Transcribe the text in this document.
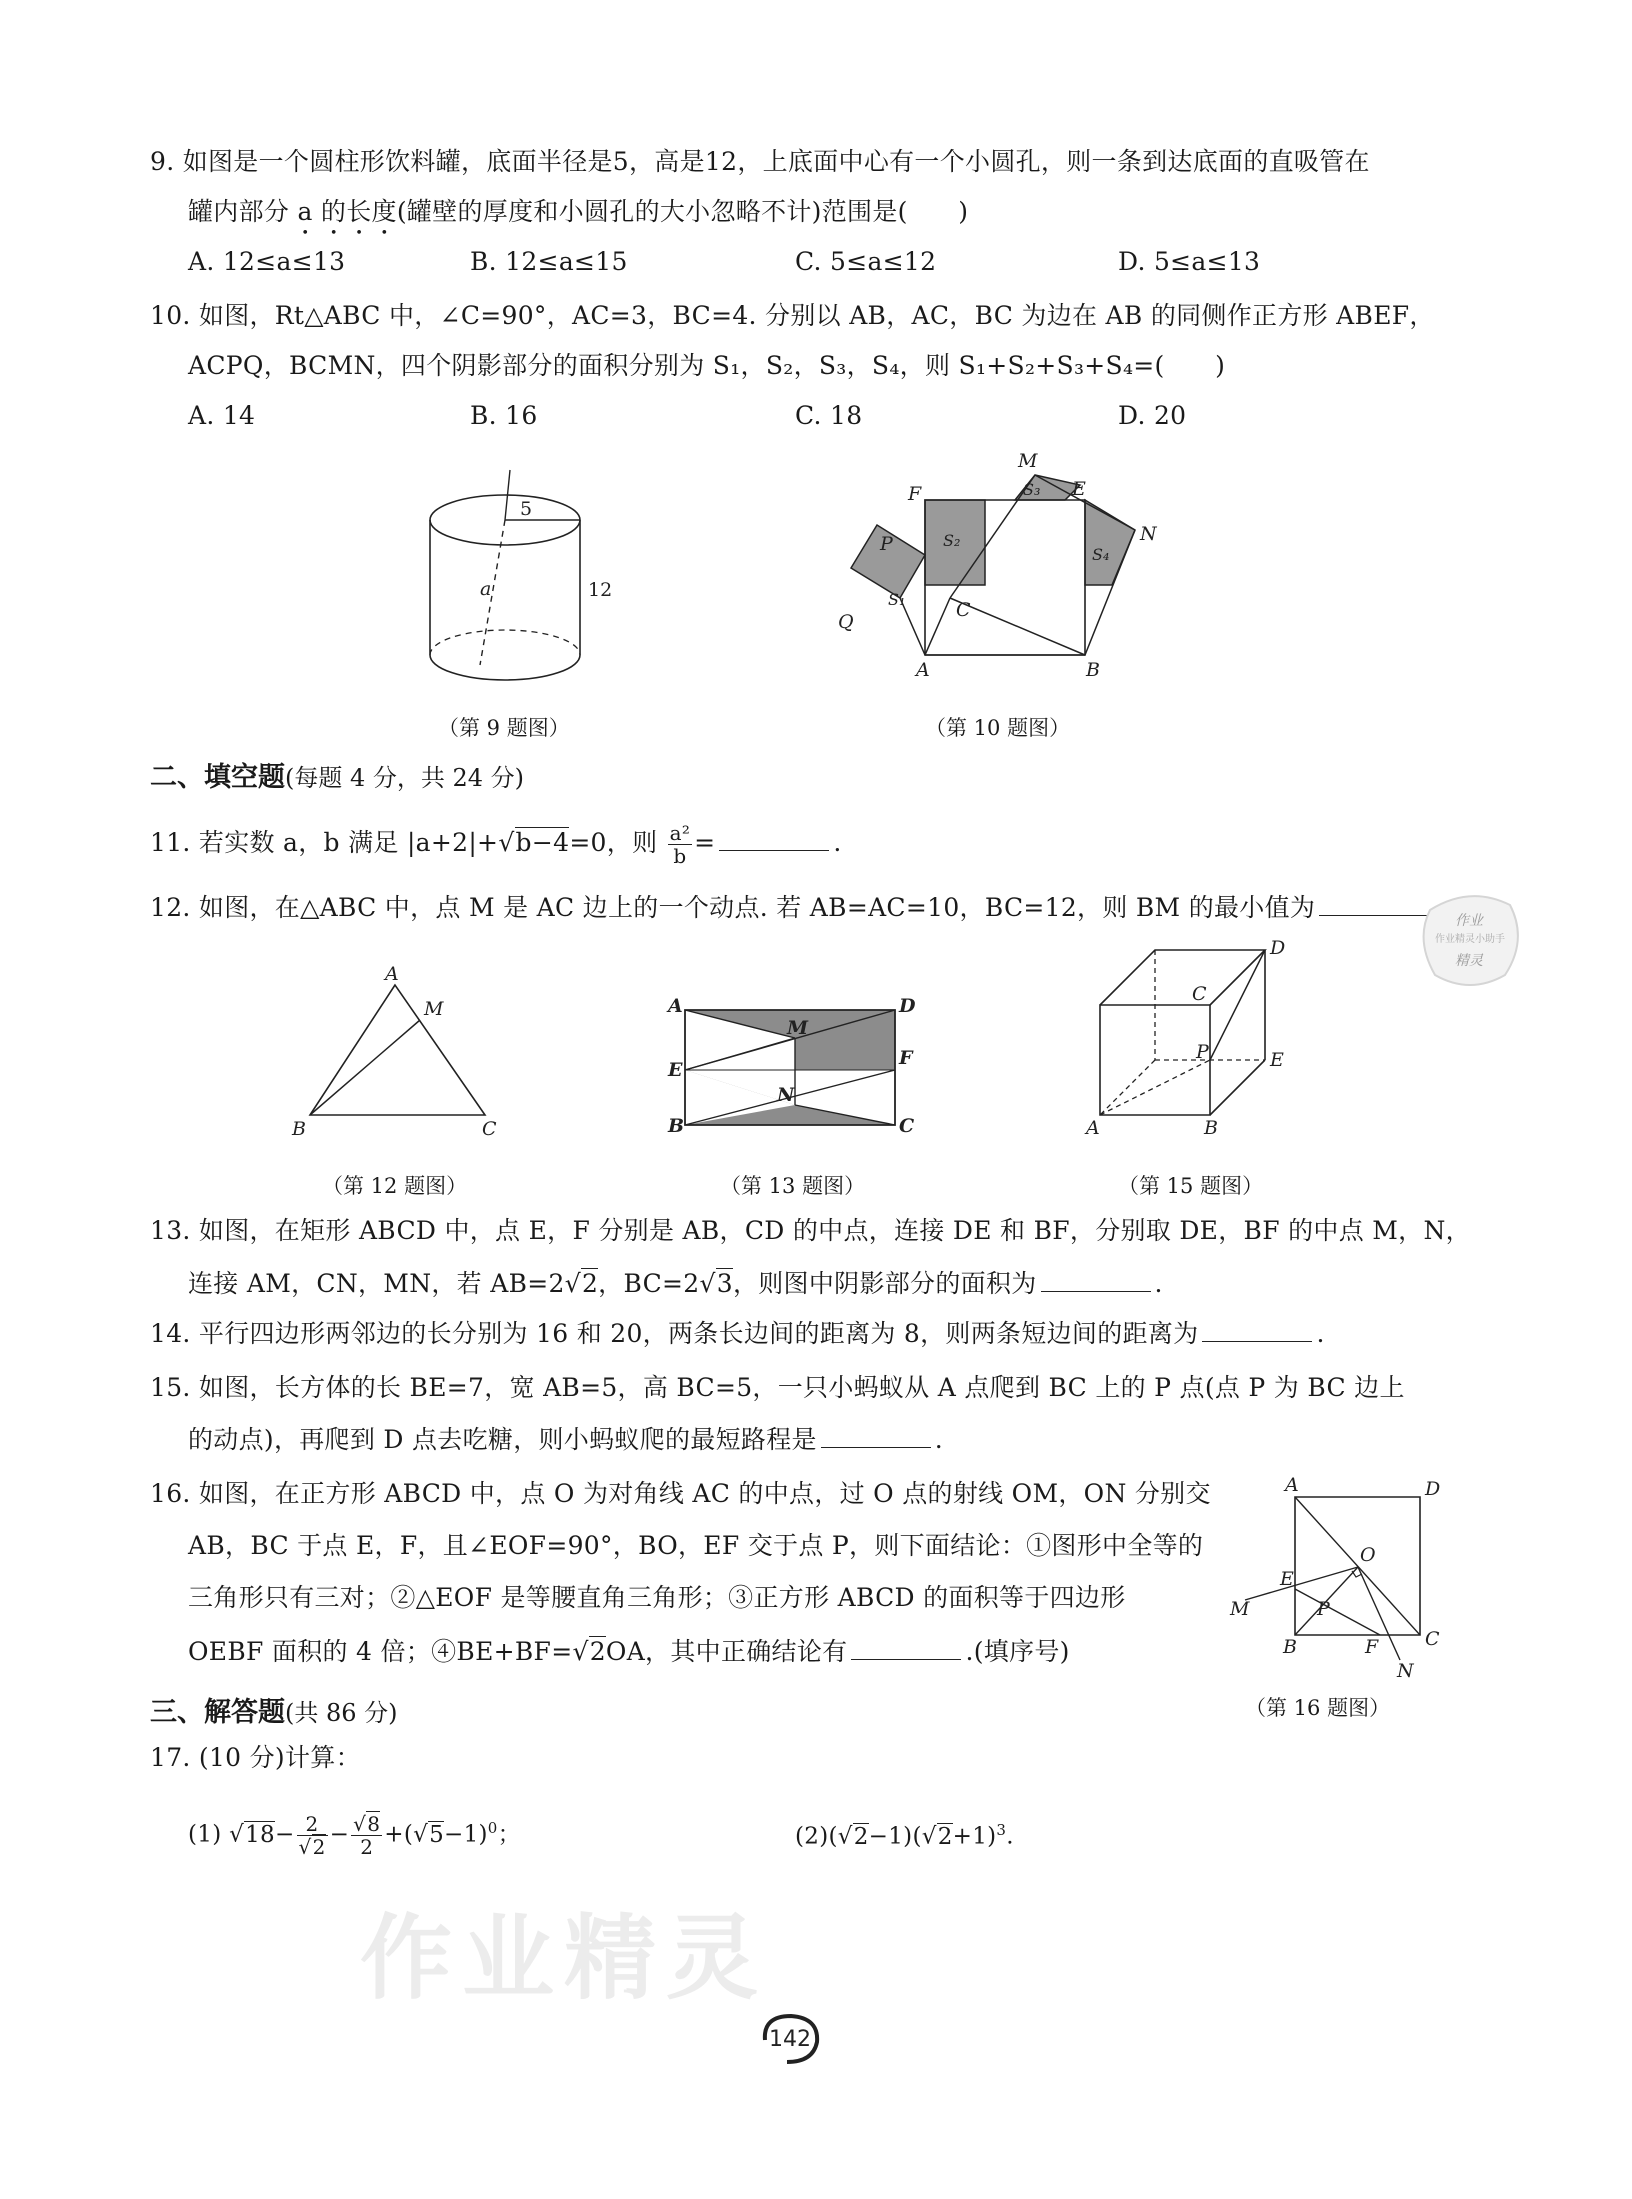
9. 如图是一个圆柱形饮料罐，底面半径是5，高是12，上底面中心有一个小圆孔，则一条到达底面的直吸管在
罐内部分 a 的长度(罐壁的厚度和小圆孔的大小忽略不计)范围是(　　)
A. 12≤a≤13	B. 12≤a≤15	C. 5≤a≤12	D. 5≤a≤13
10. 如图，Rt△ABC 中，∠C=90°，AC=3，BC=4. 分别以 AB，AC，BC 为边在 AB 的同侧作正方形 ABEF，
ACPQ，BCMN，四个阴影部分的面积分别为 S₁，S₂，S₃，S₄，则 S₁+S₂+S₃+S₄=(　　)
A. 14	B. 16	C. 18	D. 20
5
12
a
（第 9 题图）
M
S₃ E
F
S₂	N
S₄
P
S₁	C
Q
A	B
（第 10 题图）
二、填空题(每题 4 分，共 24 分)
11. 若实数 a，b 满足 |a+2|+√b−4=0，则 $\frac{\text{a²}}{b}$ =	.
12. 如图，在△ABC 中，点 M 是 AC 边上的一个动点. 若 AB=AC=10，BC=12，则 BM 的最小值为	作业
作业精灵小助手
精灵
A
M
B	C
（第 12 题图）
A
M
D
E
F
N
B	C
（第 13 题图）
D
C
P	E
A	B
（第 15 题图）
13. 如图，在矩形 ABCD 中，点 E，F 分别是 AB，CD 的中点，连接 DE 和 BF，分别取 DE，BF 的中点 M，N，
连接 AM，CN，MN，若 AB=2√2，BC=2√3，则图中阴影部分的面积为	.
14. 平行四边形两邻边的长分别为 16 和 20，两条长边间的距离为 8，则两条短边间的距离为	.
15. 如图，长方体的长 BE=7，宽 AB=5，高 BC=5，一只小蚂蚁从 A 点爬到 BC 上的 P 点(点 P 为 BC 边上
的动点)，再爬到 D 点去吃糖，则小蚂蚁爬的最短路程是	.
16. 如图，在正方形 ABCD 中，点 O 为对角线 AC 的中点，过 O 点的射线 OM，ON 分别交
AB，BC 于点 E，F，且∠EOF=90°，BO，EF 交于点 P，则下面结论：①图形中全等的
三角形只有三对；②△EOF 是等腰直角三角形；③正方形 ABCD 的面积等于四边形
OEBF 面积的 4 倍；④BE+BF=√2OA，其中正确结论有	.(填序号)
A	D
O
E
M	P
B	F C
N
（第 16 题图）
三、解答题(共 86 分)
17. (10 分)计算：
(1) $√18- \frac{2}{√2} - \frac{√8}{2} +(√5-1)^0$；	$(2)(√2-1)(√2+1)^3$.
作业精灵
142
